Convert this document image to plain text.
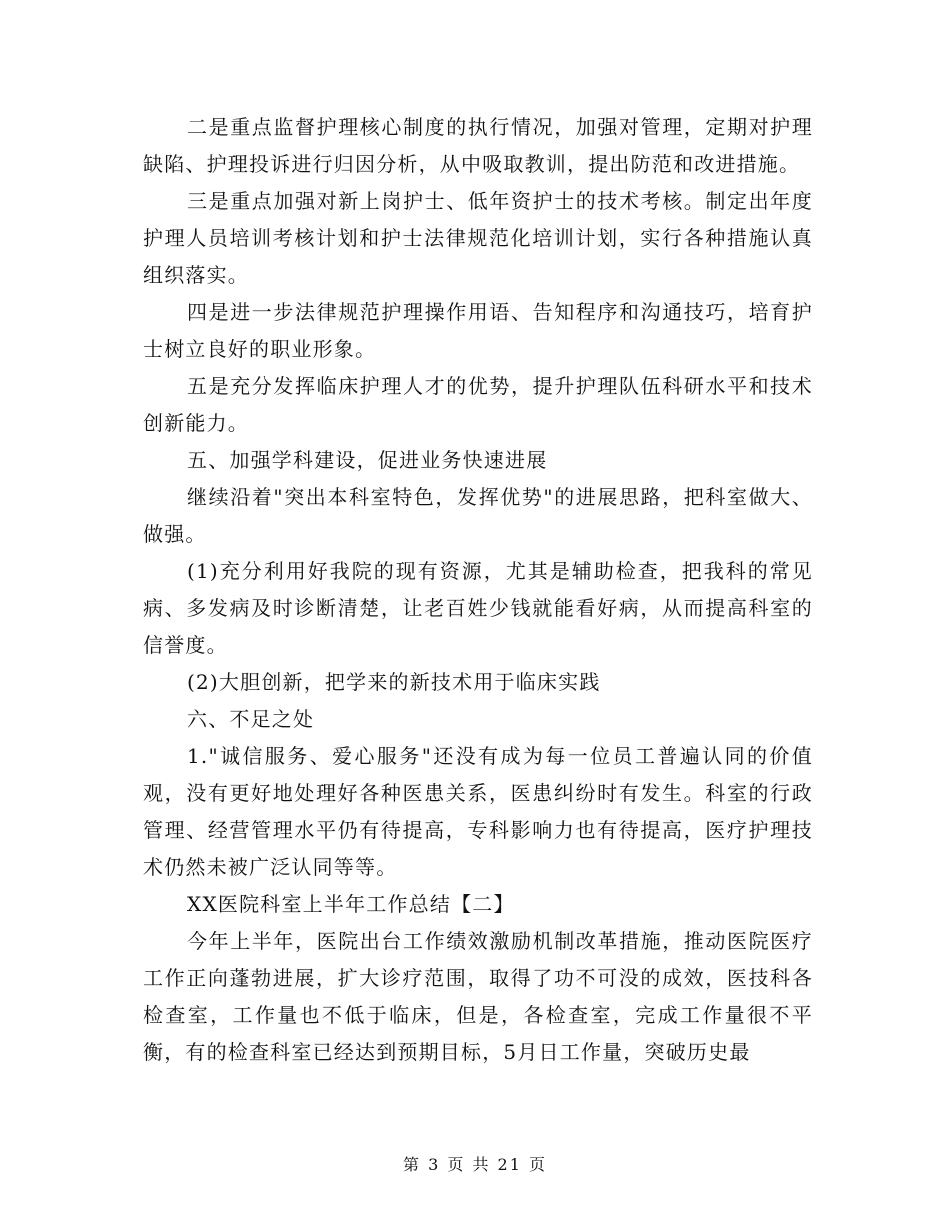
二是重点监督护理核心制度的执行情况，加强对管理，定期对护理缺陷、护理投诉进行归因分析，从中吸取教训，提出防范和改进措施。

三是重点加强对新上岗护士、低年资护士的技术考核。制定出年度护理人员培训考核计划和护士法律规范化培训计划，实行各种措施认真组织落实。

四是进一步法律规范护理操作用语、告知程序和沟通技巧，培育护士树立良好的职业形象。

五是充分发挥临床护理人才的优势，提升护理队伍科研水平和技术创新能力。

五、加强学科建设，促进业务快速进展

继续沿着"突出本科室特色，发挥优势"的进展思路，把科室做大、做强。

(1)充分利用好我院的现有资源，尤其是辅助检查，把我科的常见病、多发病及时诊断清楚，让老百姓少钱就能看好病，从而提高科室的信誉度。

(2)大胆创新，把学来的新技术用于临床实践

六、不足之处

1."诚信服务、爱心服务"还没有成为每一位员工普遍认同的价值观，没有更好地处理好各种医患关系，医患纠纷时有发生。科室的行政管理、经营管理水平仍有待提高，专科影响力也有待提高，医疗护理技术仍然未被广泛认同等等。

XX医院科室上半年工作总结【二】

今年上半年，医院出台工作绩效激励机制改革措施，推动医院医疗工作正向蓬勃进展，扩大诊疗范围，取得了功不可没的成效，医技科各检查室，工作量也不低于临床，但是，各检查室，完成工作量很不平衡，有的检查科室已经达到预期目标，5月日工作量，突破历史最

第 3 页 共 21 页
